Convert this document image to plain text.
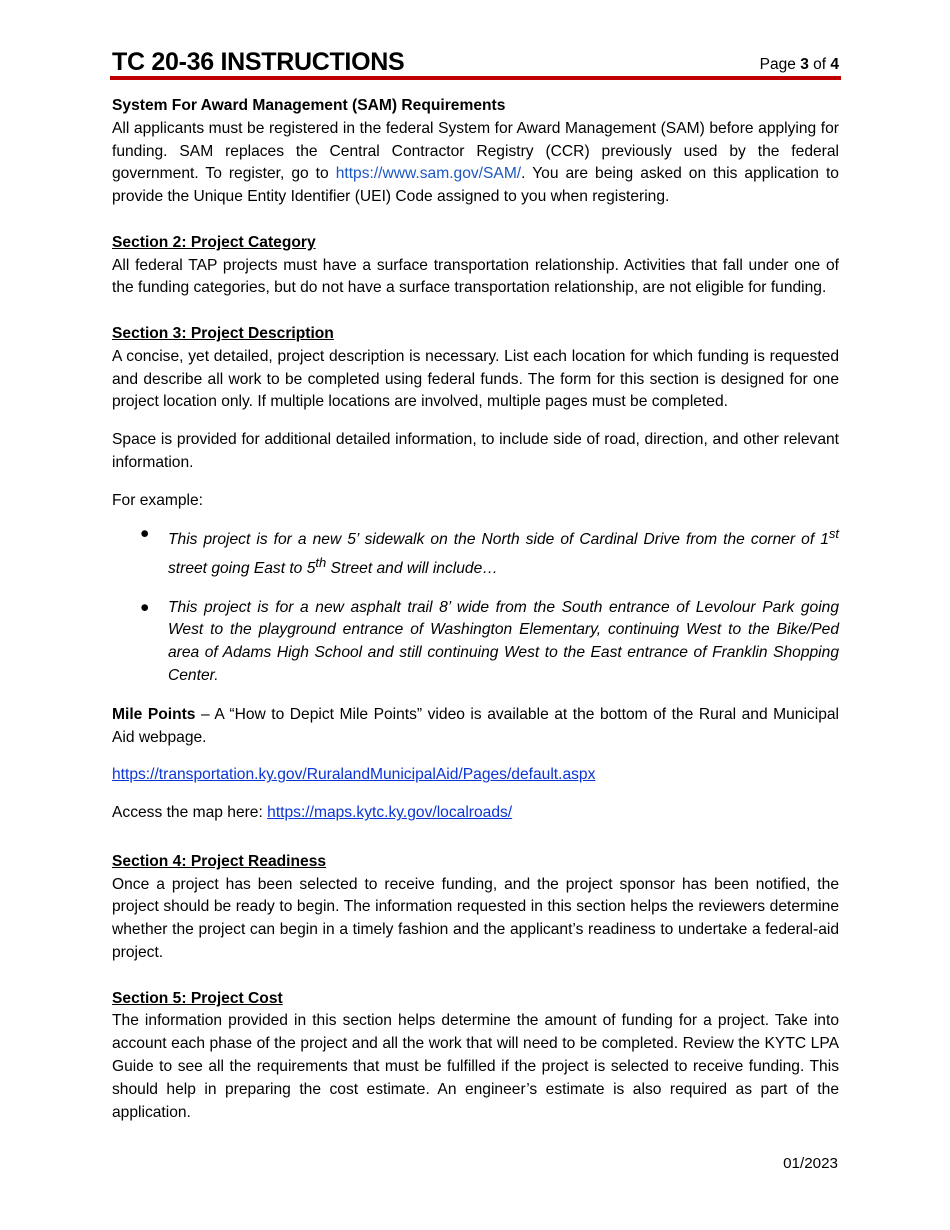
TC 20-36 INSTRUCTIONS	Page 3 of 4

System For Award Management (SAM) Requirements

All applicants must be registered in the federal System for Award Management (SAM) before applying for funding. SAM replaces the Central Contractor Registry (CCR) previously used by the federal government. To register, go to https://www.sam.gov/SAM/. You are being asked on this application to provide the Unique Entity Identifier (UEI) Code assigned to you when registering.

Section 2: Project Category

All federal TAP projects must have a surface transportation relationship. Activities that fall under one of the funding categories, but do not have a surface transportation relationship, are not eligible for funding.

Section 3: Project Description

A concise, yet detailed, project description is necessary. List each location for which funding is requested and describe all work to be completed using federal funds. The form for this section is designed for one project location only. If multiple locations are involved, multiple pages must be completed.

Space is provided for additional detailed information, to include side of road, direction, and other relevant information.

For example:

● This project is for a new 5’ sidewalk on the North side of Cardinal Drive from the corner of 1st street going East to 5th Street and will include…
● This project is for a new asphalt trail 8’ wide from the South entrance of Levolour Park going West to the playground entrance of Washington Elementary, continuing West to the Bike/Ped area of Adams High School and still continuing West to the East entrance of Franklin Shopping Center.

Mile Points – A “How to Depict Mile Points” video is available at the bottom of the Rural and Municipal Aid webpage.

https://transportation.ky.gov/RuralandMunicipalAid/Pages/default.aspx

Access the map here: https://maps.kytc.ky.gov/localroads/

Section 4: Project Readiness

Once a project has been selected to receive funding, and the project sponsor has been notified, the project should be ready to begin. The information requested in this section helps the reviewers determine whether the project can begin in a timely fashion and the applicant’s readiness to undertake a federal-aid project.

Section 5: Project Cost

The information provided in this section helps determine the amount of funding for a project. Take into account each phase of the project and all the work that will need to be completed. Review the KYTC LPA Guide to see all the requirements that must be fulfilled if the project is selected to receive funding. This should help in preparing the cost estimate. An engineer’s estimate is also required as part of the application.

01/2023
